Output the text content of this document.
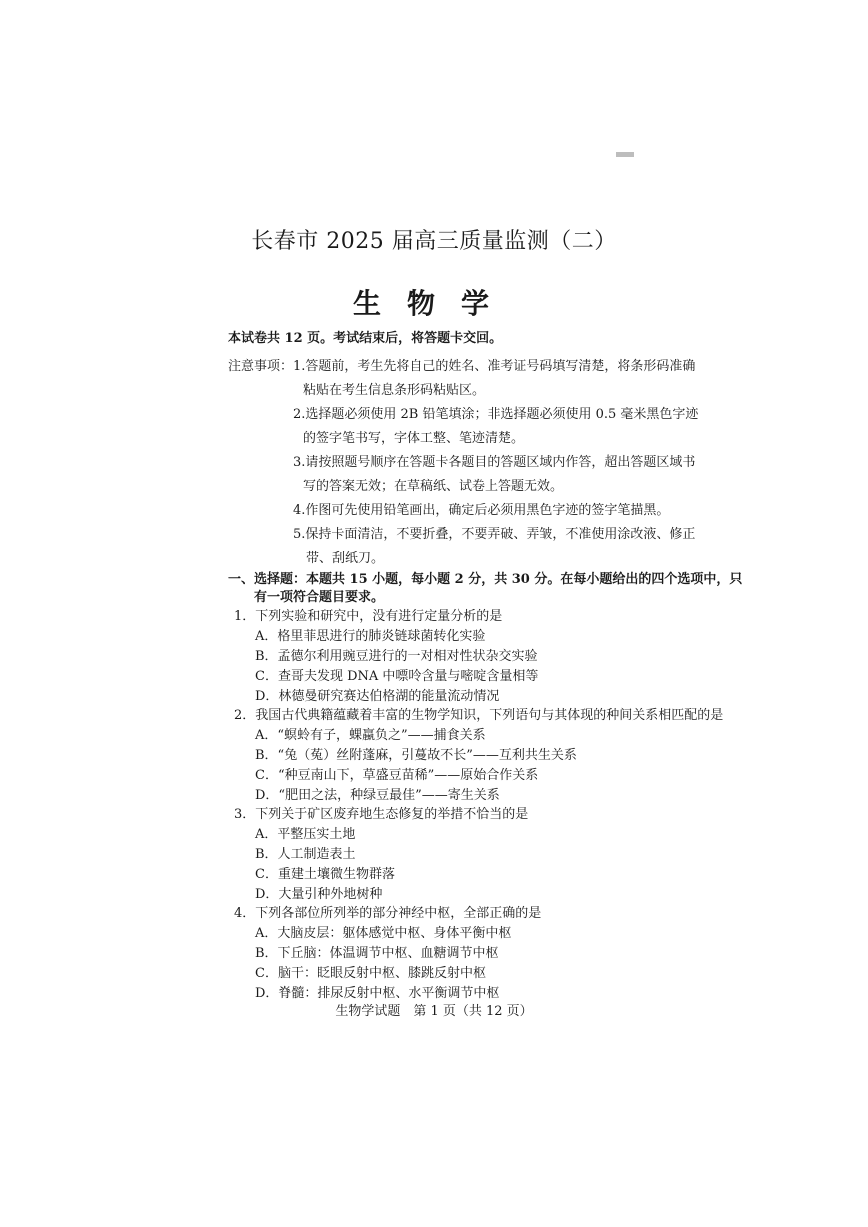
长春市 2025 届高三质量监测（二）
生物学
本试卷共 12 页。考试结束后，将答题卡交回。
注意事项： 1.答题前，考生先将自己的姓名、准考证号码填写清楚，将条形码准确
粘贴在考生信息条形码粘贴区。
2.选择题必须使用 2B 铅笔填涂；非选择题必须使用 0.5 毫米黑色字迹
的签字笔书写，字体工整、笔迹清楚。
3.请按照题号顺序在答题卡各题目的答题区域内作答，超出答题区域书
写的答案无效；在草稿纸、试卷上答题无效。
4.作图可先使用铅笔画出，确定后必须用黑色字迹的签字笔描黑。
5.保持卡面清洁，不要折叠，不要弄破、弄皱，不准使用涂改液、修正
带、刮纸刀。
一、选择题：本题共 15 小题，每小题 2 分，共 30 分。在每小题给出的四个选项中，只
有一项符合题目要求。
1．下列实验和研究中，没有进行定量分析的是
A．格里菲思进行的肺炎链球菌转化实验
B．孟德尔利用豌豆进行的一对相对性状杂交实验
C．查哥夫发现 DNA 中嘌呤含量与嘧啶含量相等
D．林德曼研究赛达伯格湖的能量流动情况
2．我国古代典籍蕴藏着丰富的生物学知识，下列语句与其体现的种间关系相匹配的是
A．“螟蛉有子，蜾蠃负之”——捕食关系
B．“兔（菟）丝附蓬麻，引蔓故不长”——互利共生关系
C．“种豆南山下，草盛豆苗稀”——原始合作关系
D．“肥田之法，种绿豆最佳”——寄生关系
3．下列关于矿区废弃地生态修复的举措不恰当的是
A．平整压实土地
B．人工制造表土
C．重建土壤微生物群落
D．大量引种外地树种
4．下列各部位所列举的部分神经中枢，全部正确的是
A．大脑皮层：躯体感觉中枢、身体平衡中枢
B．下丘脑：体温调节中枢、血糖调节中枢
C．脑干：眨眼反射中枢、膝跳反射中枢
D．脊髓：排尿反射中枢、水平衡调节中枢
生物学试题　第 1 页（共 12 页）
